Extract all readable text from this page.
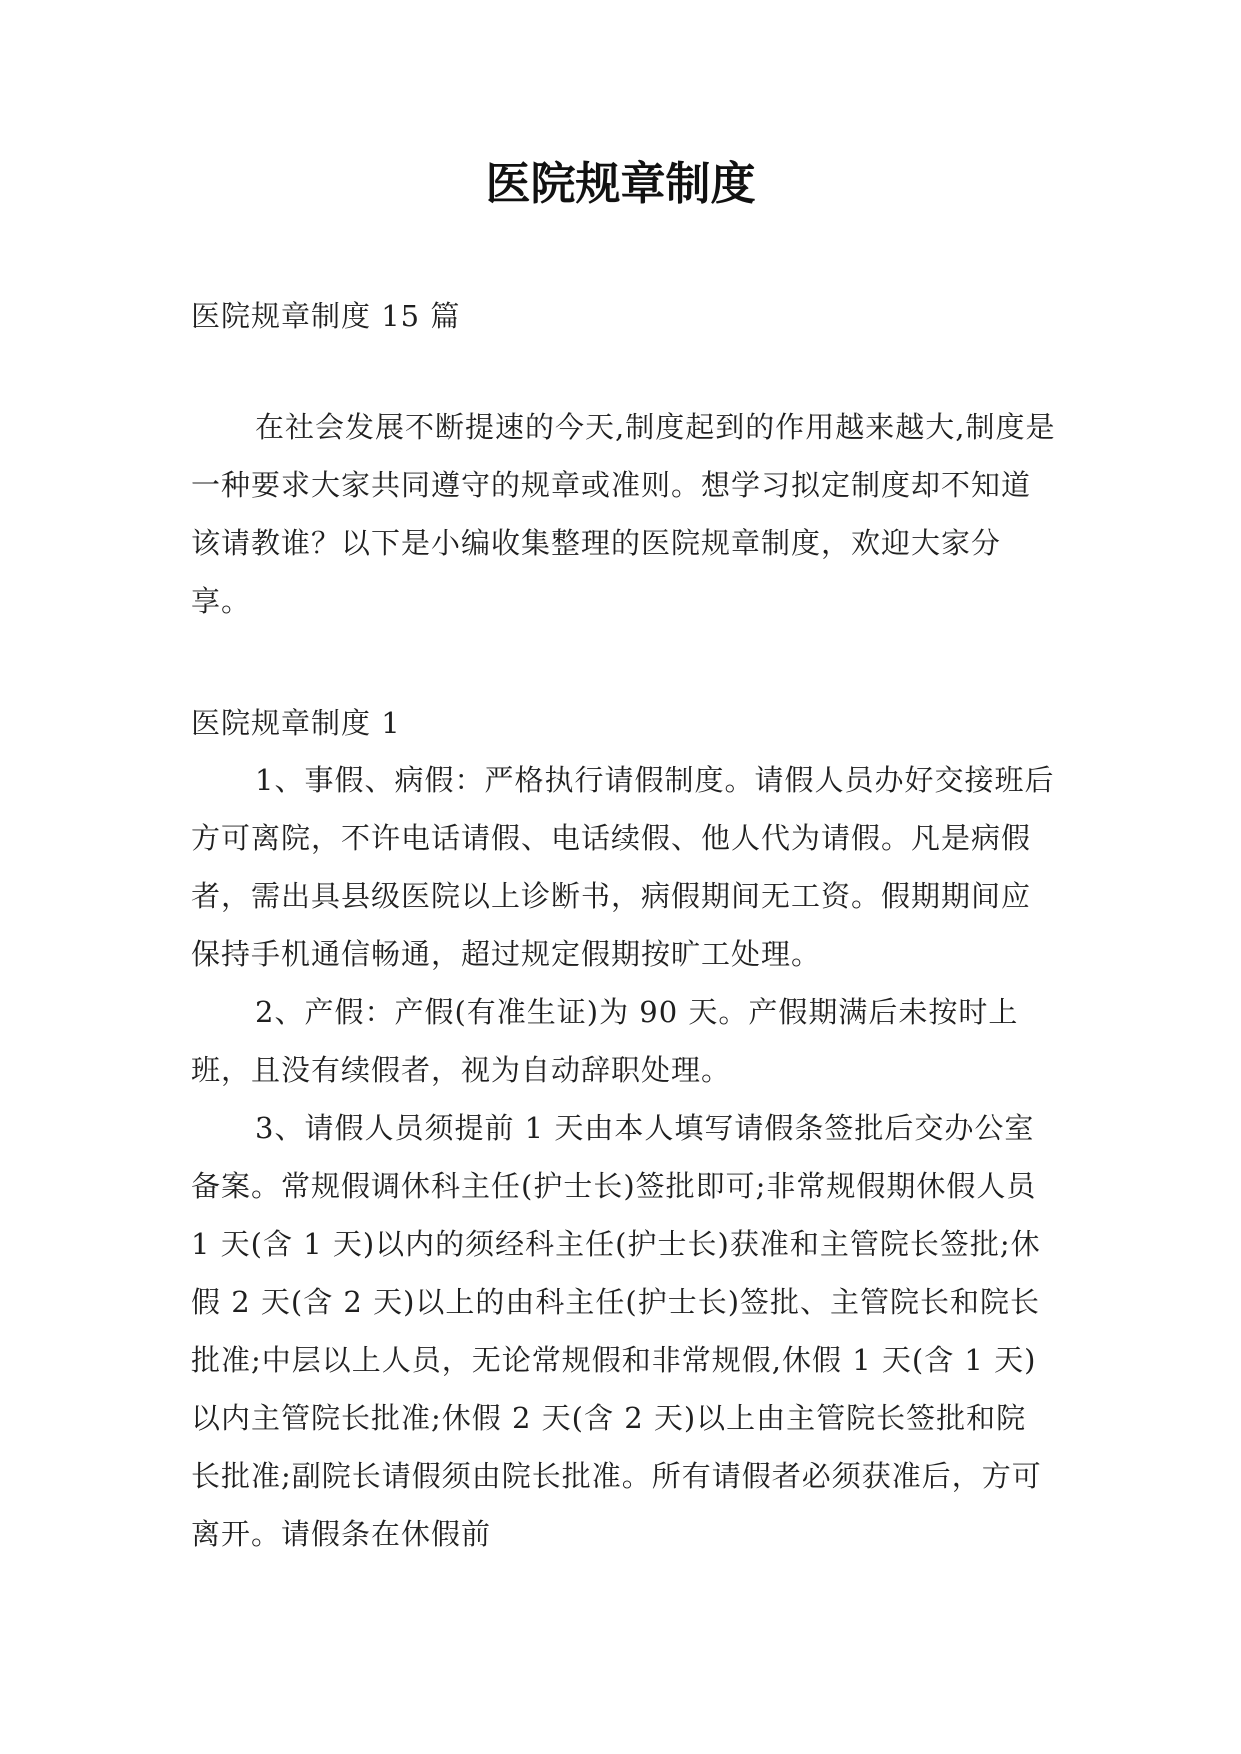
医院规章制度
医院规章制度 15 篇
在社会发展不断提速的今天,制度起到的作用越来越大,制度是一种要求大家共同遵守的规章或准则。想学习拟定制度却不知道该请教谁？以下是小编收集整理的医院规章制度，欢迎大家分享。
医院规章制度 1

1、事假、病假：严格执行请假制度。请假人员办好交接班后方可离院，不许电话请假、电话续假、他人代为请假。凡是病假者，需出具县级医院以上诊断书，病假期间无工资。假期期间应保持手机通信畅通，超过规定假期按旷工处理。

2、产假：产假(有准生证)为 90 天。产假期满后未按时上班，且没有续假者，视为自动辞职处理。

3、请假人员须提前 1 天由本人填写请假条签批后交办公室备案。常规假调休科主任(护士长)签批即可;非常规假期休假人员 1 天(含 1 天)以内的须经科主任(护士长)获准和主管院长签批;休假 2 天(含 2 天)以上的由科主任(护士长)签批、主管院长和院长批准;中层以上人员，无论常规假和非常规假,休假 1 天(含 1 天)以内主管院长批准;休假 2 天(含 2 天)以上由主管院长签批和院长批准;副院长请假须由院长批准。所有请假者必须获准后，方可离开。请假条在休假前
